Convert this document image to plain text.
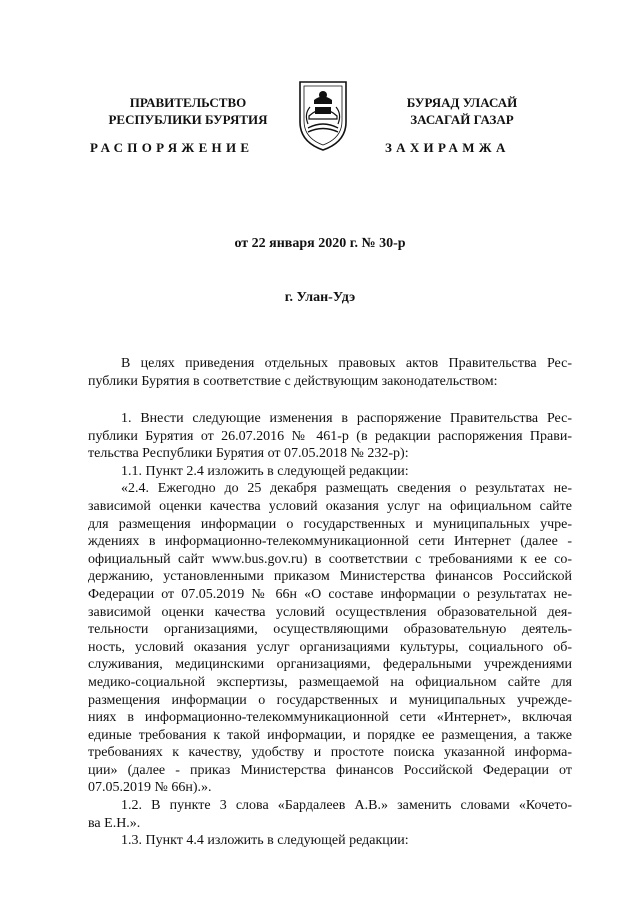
ПРАВИТЕЛЬСТВО
РЕСПУБЛИКИ БУРЯТИЯ
БУРЯАД УЛАСАЙ
ЗАСАГАЙ ГАЗАР
РАСПОРЯЖЕНИЕ	ЗАХИРАМЖА
от 22 января 2020 г. № 30-р
г. Улан-Удэ
В целях приведения отдельных правовых актов Правительства Рес-
публики Бурятия в соответствие с действующим законодательством:
1. Внести следующие изменения в распоряжение Правительства Рес-
публики Бурятия от 26.07.2016 № 461-р (в редакции распоряжения Прави-
тельства Республики Бурятия от 07.05.2018 № 232-р):
1.1. Пункт 2.4 изложить в следующей редакции:
«2.4. Ежегодно до 25 декабря размещать сведения о результатах не-
зависимой оценки качества условий оказания услуг на официальном сайте
для размещения информации о государственных и муниципальных учре-
ждениях в информационно-телекоммуникационной сети Интернет (далее -
официальный сайт www.bus.gov.ru) в соответствии с требованиями к ее со-
держанию, установленными приказом Министерства финансов Российской
Федерации от 07.05.2019 № 66н «О составе информации о результатах не-
зависимой оценки качества условий осуществления образовательной дея-
тельности организациями, осуществляющими образовательную деятель-
ность, условий оказания услуг организациями культуры, социального об-
служивания, медицинскими организациями, федеральными учреждениями
медико-социальной экспертизы, размещаемой на официальном сайте для
размещения информации о государственных и муниципальных учрежде-
ниях в информационно-телекоммуникационной сети «Интернет», включая
единые требования к такой информации, и порядке ее размещения, а также
требованиях к качеству, удобству и простоте поиска указанной информа-
ции» (далее - приказ Министерства финансов Российской Федерации от
07.05.2019 № 66н).».
1.2. В пункте 3 слова «Бардалеев А.В.» заменить словами «Кочето-
ва Е.Н.».
1.3. Пункт 4.4 изложить в следующей редакции:
